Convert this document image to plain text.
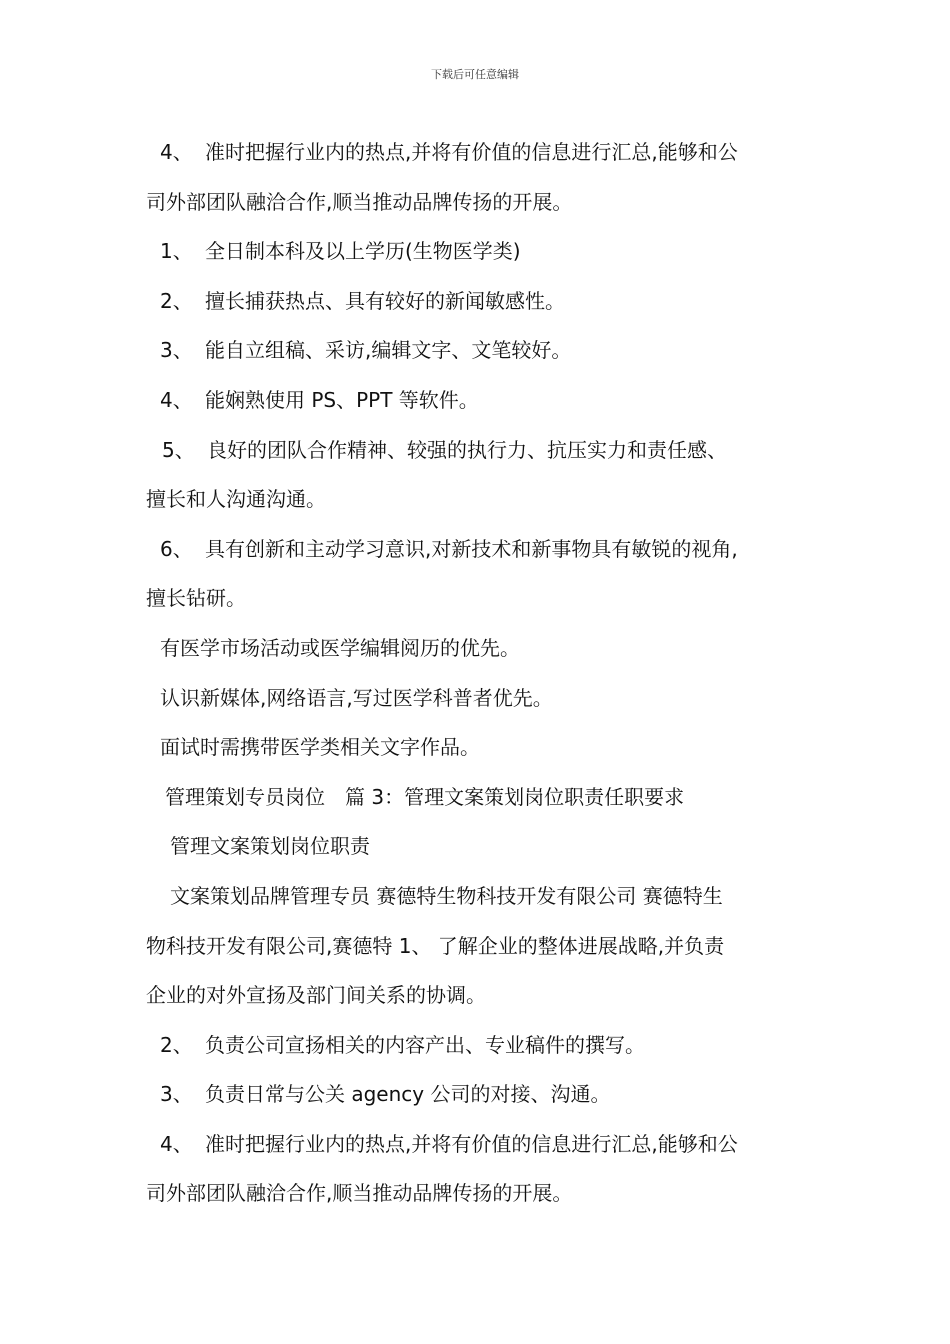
下载后可任意编辑
4、 准时把握行业内的热点,并将有价值的信息进行汇总,能够和公
司外部团队融洽合作,顺当推动品牌传扬的开展。
1、 全日制本科及以上学历(生物医学类)
2、 擅长捕获热点、具有较好的新闻敏感性。
3、 能自立组稿、采访,编辑文字、文笔较好。
4、 能娴熟使用 PS、PPT 等软件。
5、 良好的团队合作精神、较强的执行力、抗压实力和责任感、
擅长和人沟通沟通。
6、 具有创新和主动学习意识,对新技术和新事物具有敏锐的视角,
擅长钻研。
有医学市场活动或医学编辑阅历的优先。
认识新媒体,网络语言,写过医学科普者优先。
面试时需携带医学类相关文字作品。
管理策划专员岗位　篇 3：管理文案策划岗位职责任职要求
管理文案策划岗位职责
文案策划品牌管理专员 赛德特生物科技开发有限公司 赛德特生
物科技开发有限公司,赛德特 1、 了解企业的整体进展战略,并负责
企业的对外宣扬及部门间关系的协调。
2、 负责公司宣扬相关的内容产出、专业稿件的撰写。
3、 负责日常与公关 agency 公司的对接、沟通。
4、 准时把握行业内的热点,并将有价值的信息进行汇总,能够和公
司外部团队融洽合作,顺当推动品牌传扬的开展。
